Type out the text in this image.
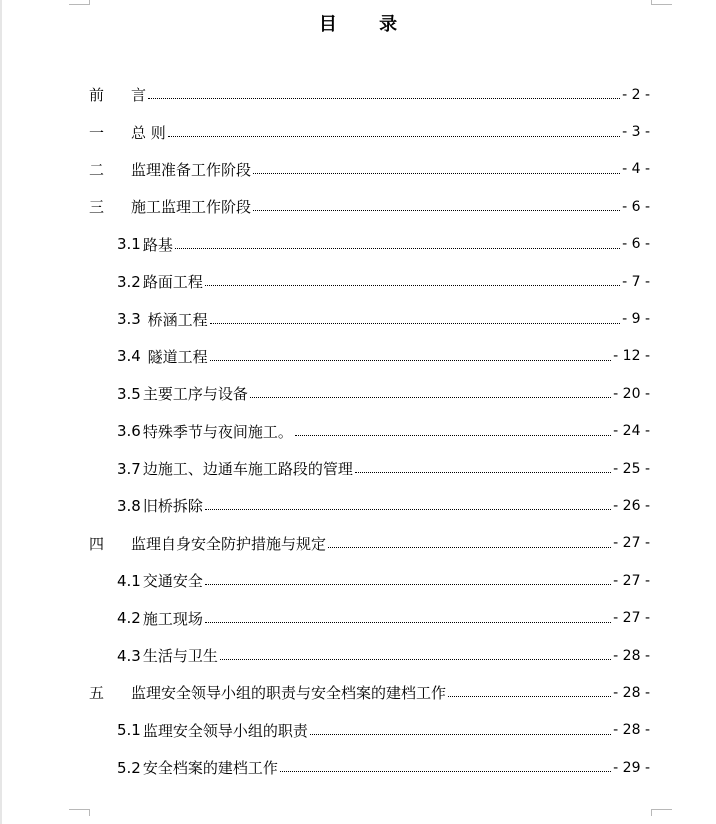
目 录
前	言	- 2 -
一	总 则	- 3 -
二	监理准备工作阶段	- 4 -
三	施工监理工作阶段	- 6 -
3.1 路基	- 6 -
3.2 路面工程	- 7 -
3.3 桥涵工程	- 9 -
3.4 隧道工程	- 12 -
3.5 主要工序与设备	- 20 -
3.6 特殊季节与夜间施工。	- 24 -
3.7 边施工、边通车施工路段的管理	- 25 -
3.8 旧桥拆除	- 26 -
四	监理自身安全防护措施与规定	- 27 -
4.1 交通安全	- 27 -
4.2 施工现场	- 27 -
4.3 生活与卫生	- 28 -
五	监理安全领导小组的职责与安全档案的建档工作	- 28 -
5.1 监理安全领导小组的职责	- 28 -
5.2 安全档案的建档工作	- 29 -
